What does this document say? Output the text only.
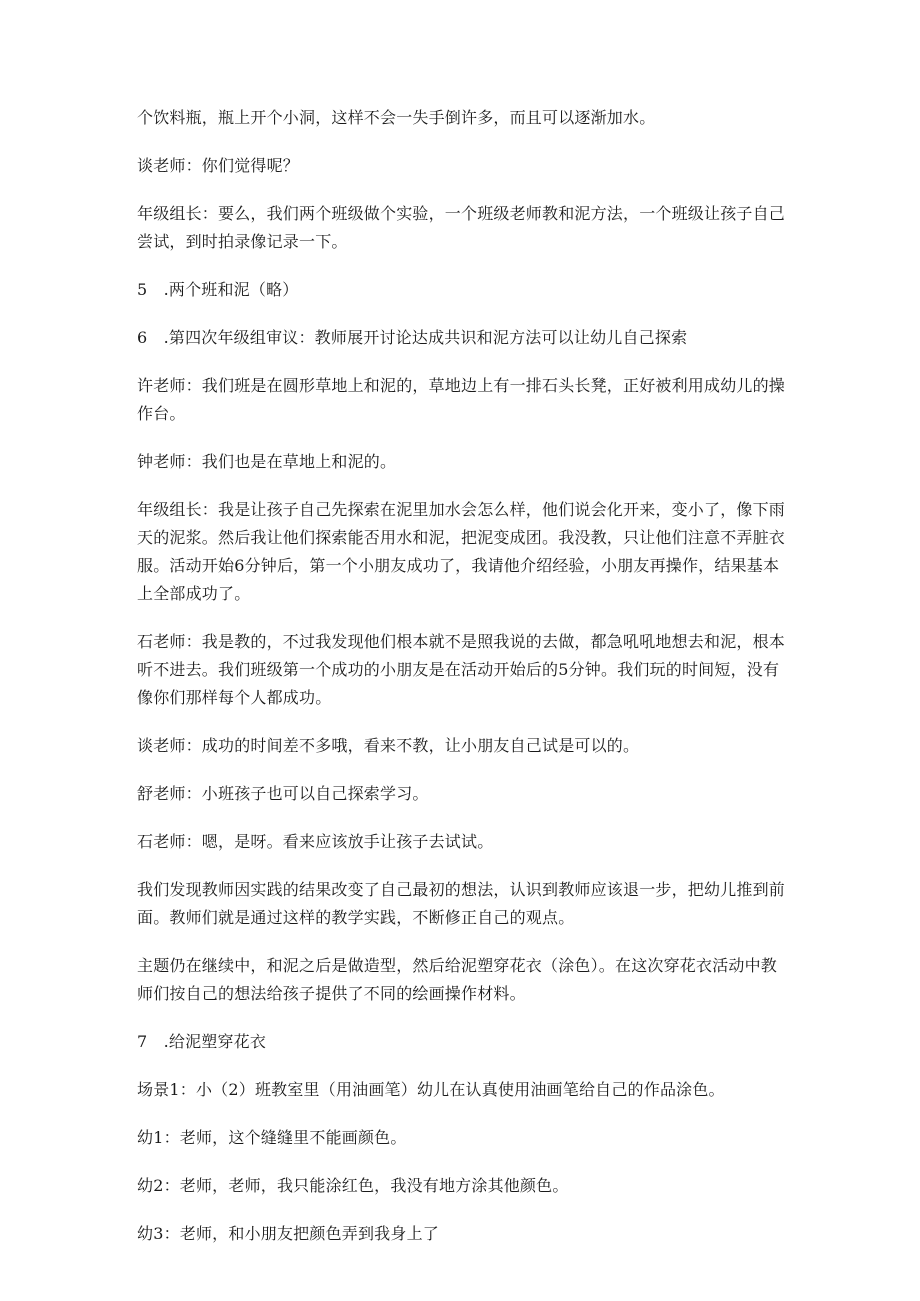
个饮料瓶，瓶上开个小洞，这样不会一失手倒许多，而且可以逐渐加水。

谈老师：你们觉得呢？

年级组长：要么，我们两个班级做个实验，一个班级老师教和泥方法，一个班级让孩子自己尝试，到时拍录像记录一下。

5　.两个班和泥（略）

6　.第四次年级组审议：教师展开讨论达成共识和泥方法可以让幼儿自己探索

许老师：我们班是在圆形草地上和泥的，草地边上有一排石头长凳，正好被利用成幼儿的操作台。

钟老师：我们也是在草地上和泥的。

年级组长：我是让孩子自己先探索在泥里加水会怎么样，他们说会化开来，变小了，像下雨天的泥浆。然后我让他们探索能否用水和泥，把泥变成团。我没教，只让他们注意不弄脏衣服。活动开始6分钟后，第一个小朋友成功了，我请他介绍经验，小朋友再操作，结果基本上全部成功了。

石老师：我是教的，不过我发现他们根本就不是照我说的去做，都急吼吼地想去和泥，根本听不进去。我们班级第一个成功的小朋友是在活动开始后的5分钟。我们玩的时间短，没有像你们那样每个人都成功。

谈老师：成功的时间差不多哦，看来不教，让小朋友自己试是可以的。

舒老师：小班孩子也可以自己探索学习。

石老师：嗯，是呀。看来应该放手让孩子去试试。

我们发现教师因实践的结果改变了自己最初的想法，认识到教师应该退一步，把幼儿推到前面。教师们就是通过这样的教学实践，不断修正自己的观点。

主题仍在继续中，和泥之后是做造型，然后给泥塑穿花衣（涂色）。在这次穿花衣活动中教师们按自己的想法给孩子提供了不同的绘画操作材料。

7　.给泥塑穿花衣

场景1：小（2）班教室里（用油画笔）幼儿在认真使用油画笔给自己的作品涂色。

幼1：老师，这个缝缝里不能画颜色。

幼2：老师，老师，我只能涂红色，我没有地方涂其他颜色。

幼3：老师，和小朋友把颜色弄到我身上了
